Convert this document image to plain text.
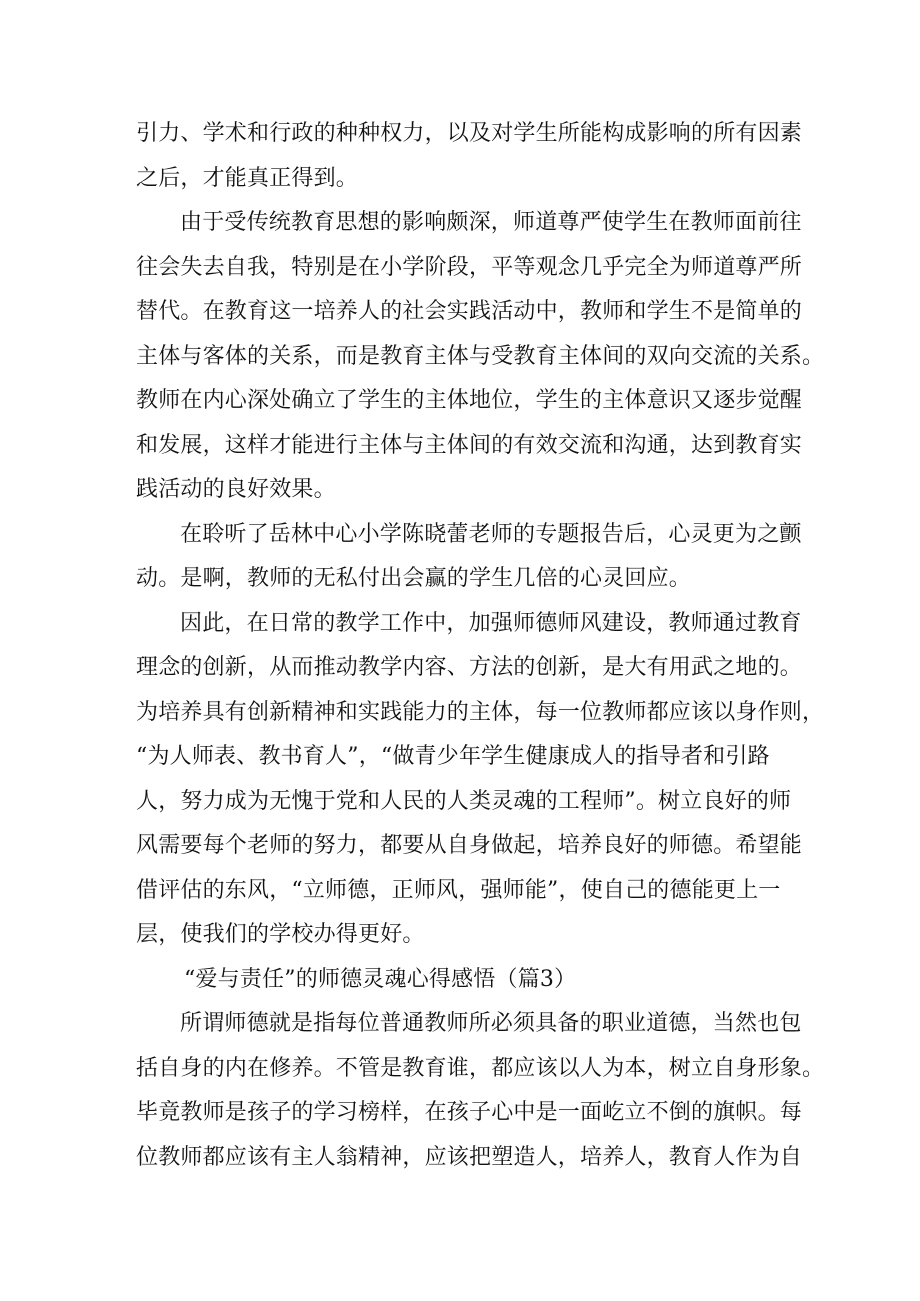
引力、学术和行政的种种权力，以及对学生所能构成影响的所有因素
之后，才能真正得到。
由于受传统教育思想的影响颇深，师道尊严使学生在教师面前往
往会失去自我，特别是在小学阶段，平等观念几乎完全为师道尊严所
替代。在教育这一培养人的社会实践活动中，教师和学生不是简单的
主体与客体的关系，而是教育主体与受教育主体间的双向交流的关系。
教师在内心深处确立了学生的主体地位，学生的主体意识又逐步觉醒
和发展，这样才能进行主体与主体间的有效交流和沟通，达到教育实
践活动的良好效果。
在聆听了岳林中心小学陈晓蕾老师的专题报告后，心灵更为之颤
动。是啊，教师的无私付出会赢的学生几倍的心灵回应。
因此，在日常的教学工作中，加强师德师风建设，教师通过教育
理念的创新，从而推动教学内容、方法的创新，是大有用武之地的。
为培养具有创新精神和实践能力的主体，每一位教师都应该以身作则，
“为人师表、教书育人”，“做青少年学生健康成人的指导者和引路
人，努力成为无愧于党和人民的人类灵魂的工程师”。树立良好的师
风需要每个老师的努力，都要从自身做起，培养良好的师德。希望能
借评估的东风，“立师德，正师风，强师能”，使自己的德能更上一
层，使我们的学校办得更好。
“爱与责任”的师德灵魂心得感悟（篇3）
所谓师德就是指每位普通教师所必须具备的职业道德，当然也包
括自身的内在修养。不管是教育谁，都应该以人为本，树立自身形象。
毕竟教师是孩子的学习榜样，在孩子心中是一面屹立不倒的旗帜。每
位教师都应该有主人翁精神，应该把塑造人，培养人，教育人作为自
